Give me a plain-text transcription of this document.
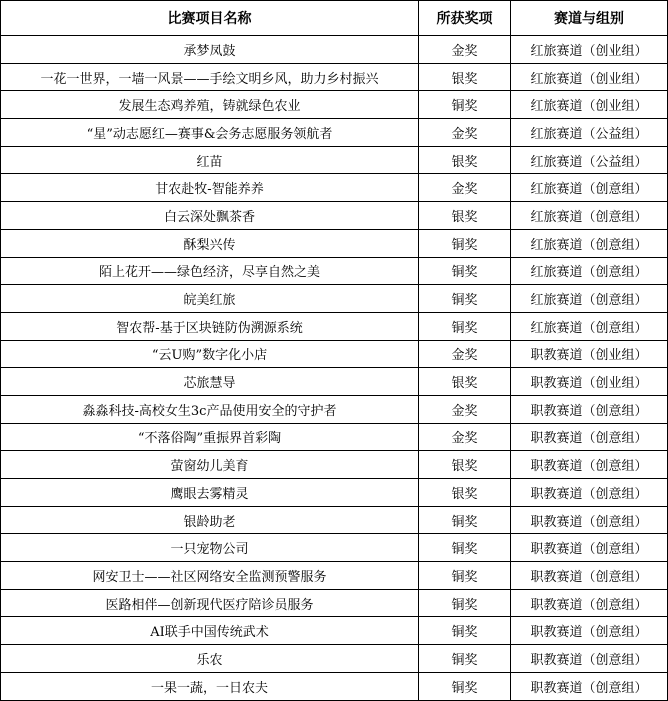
比赛项目名称	所获奖项	赛道与组别
承梦凤鼓	金奖	红旅赛道（创业组）
一花一世界，一墙一风景——手绘文明乡风，助力乡村振兴	银奖	红旅赛道（创业组）
发展生态鸡养殖，铸就绿色农业	铜奖	红旅赛道（创业组）
“星”动志愿红—赛事&会务志愿服务领航者	金奖	红旅赛道（公益组）
红苗	银奖	红旅赛道（公益组）
甘农赴牧-智能养养	金奖	红旅赛道（创意组）
白云深处飘茶香	银奖	红旅赛道（创意组）
酥梨兴传	铜奖	红旅赛道（创意组）
陌上花开——绿色经济，尽享自然之美	铜奖	红旅赛道（创意组）
皖美红旅	铜奖	红旅赛道（创意组）
智农帮-基于区块链防伪溯源系统	铜奖	红旅赛道（创意组）
“云U购”数字化小店	金奖	职教赛道（创业组）
芯旅慧导	银奖	职教赛道（创业组）
淼淼科技-高校女生3c产品使用安全的守护者	金奖	职教赛道（创意组）
“不落俗陶”重振界首彩陶	金奖	职教赛道（创意组）
萤窗幼儿美育	银奖	职教赛道（创意组）
鹰眼去雾精灵	银奖	职教赛道（创意组）
银龄助老	铜奖	职教赛道（创意组）
一只宠物公司	铜奖	职教赛道（创意组）
网安卫士——社区网络安全监测预警服务	铜奖	职教赛道（创意组）
医路相伴—创新现代医疗陪诊员服务	铜奖	职教赛道（创意组）
AI联手中国传统武术	铜奖	职教赛道（创意组）
乐农	铜奖	职教赛道（创意组）
一果一蔬，一日农夫	铜奖	职教赛道（创意组）
